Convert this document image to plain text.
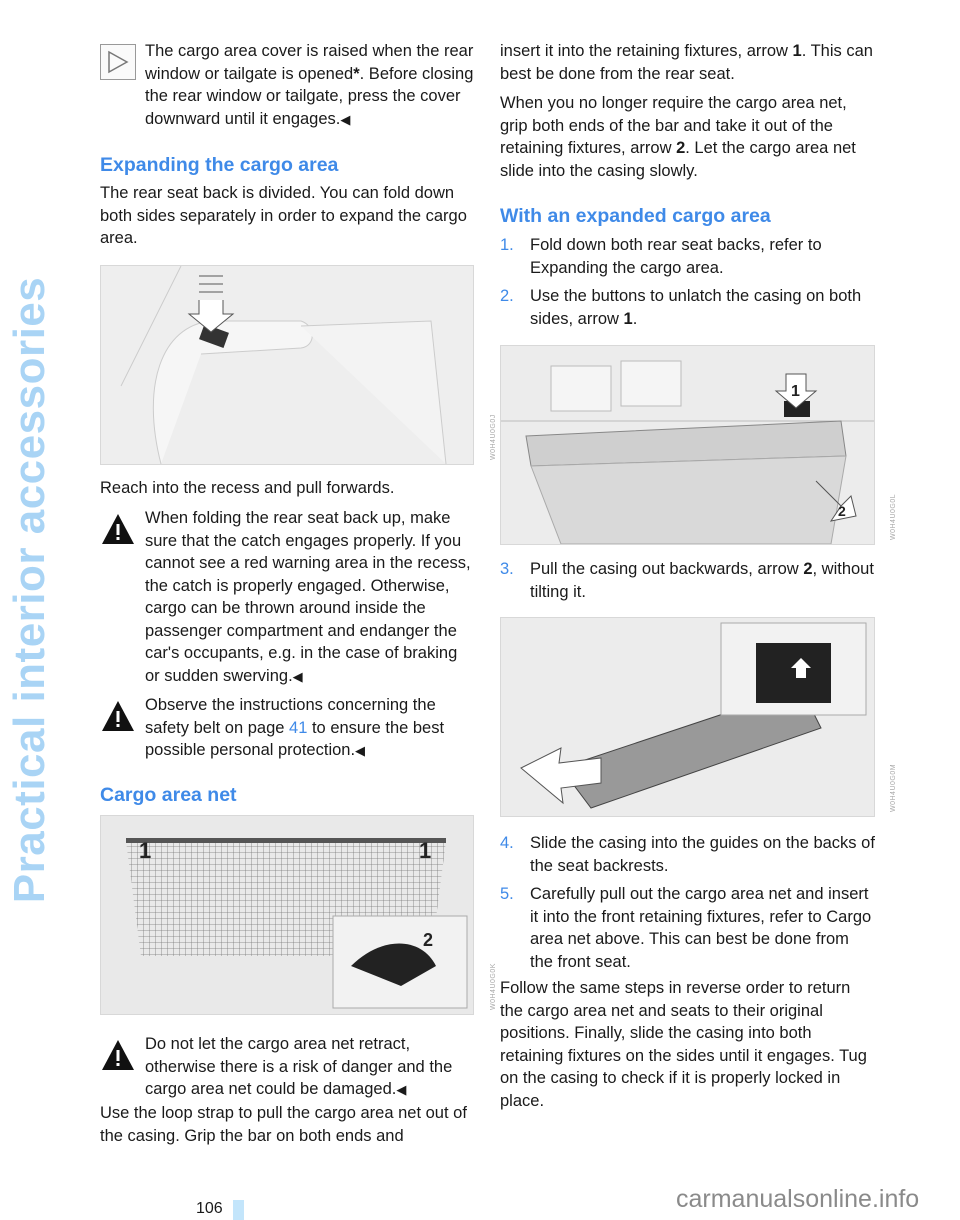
Practical interior accessories

The cargo area cover is raised when the rear window or tailgate is opened*. Before closing the rear window or tailgate, press the cover downward until it engages.◀

Expanding the cargo area

The rear seat back is divided. You can fold down both sides separately in order to expand the cargo area.

W0H4U0G0J

Reach into the recess and pull forwards.

When folding the rear seat back up, make sure that the catch engages properly. If you cannot see a red warning area in the recess, the catch is properly engaged. Otherwise, cargo can be thrown around inside the passenger compartment and endanger the car's occupants, e.g. in the case of braking or sudden swerving.◀

Observe the instructions concerning the safety belt on page 41 to ensure the best possible personal protection.◀

Cargo area net
1	1
2
W0H4U0G0K

Do not let the cargo area net retract, otherwise there is a risk of danger and the cargo area net could be damaged.◀

Use the loop strap to pull the cargo area net out of the casing. Grip the bar on both ends and

insert it into the retaining fixtures, arrow 1. This can best be done from the rear seat.

When you no longer require the cargo area net, grip both ends of the bar and take it out of the retaining fixtures, arrow 2. Let the cargo area net slide into the casing slowly.

With an expanded cargo area
1. Fold down both rear seat backs, refer to Expanding the cargo area.
2. Use the buttons to unlatch the casing on both sides, arrow 1.
1
2	W0H4U0G0L
3. Pull the casing out backwards, arrow 2, without tilting it.
W0H4U0G0M
4. Slide the casing into the guides on the backs of the seat backrests.
5. Carefully pull out the cargo area net and insert it into the front retaining fixtures, refer to Cargo area net above. This can best be done from the front seat.

Follow the same steps in reverse order to return the cargo area net and seats to their original positions. Finally, slide the casing into both retaining fixtures on the sides until it engages. Tug on the casing to check if it is properly locked in place.

106	carmanualsonline.info
